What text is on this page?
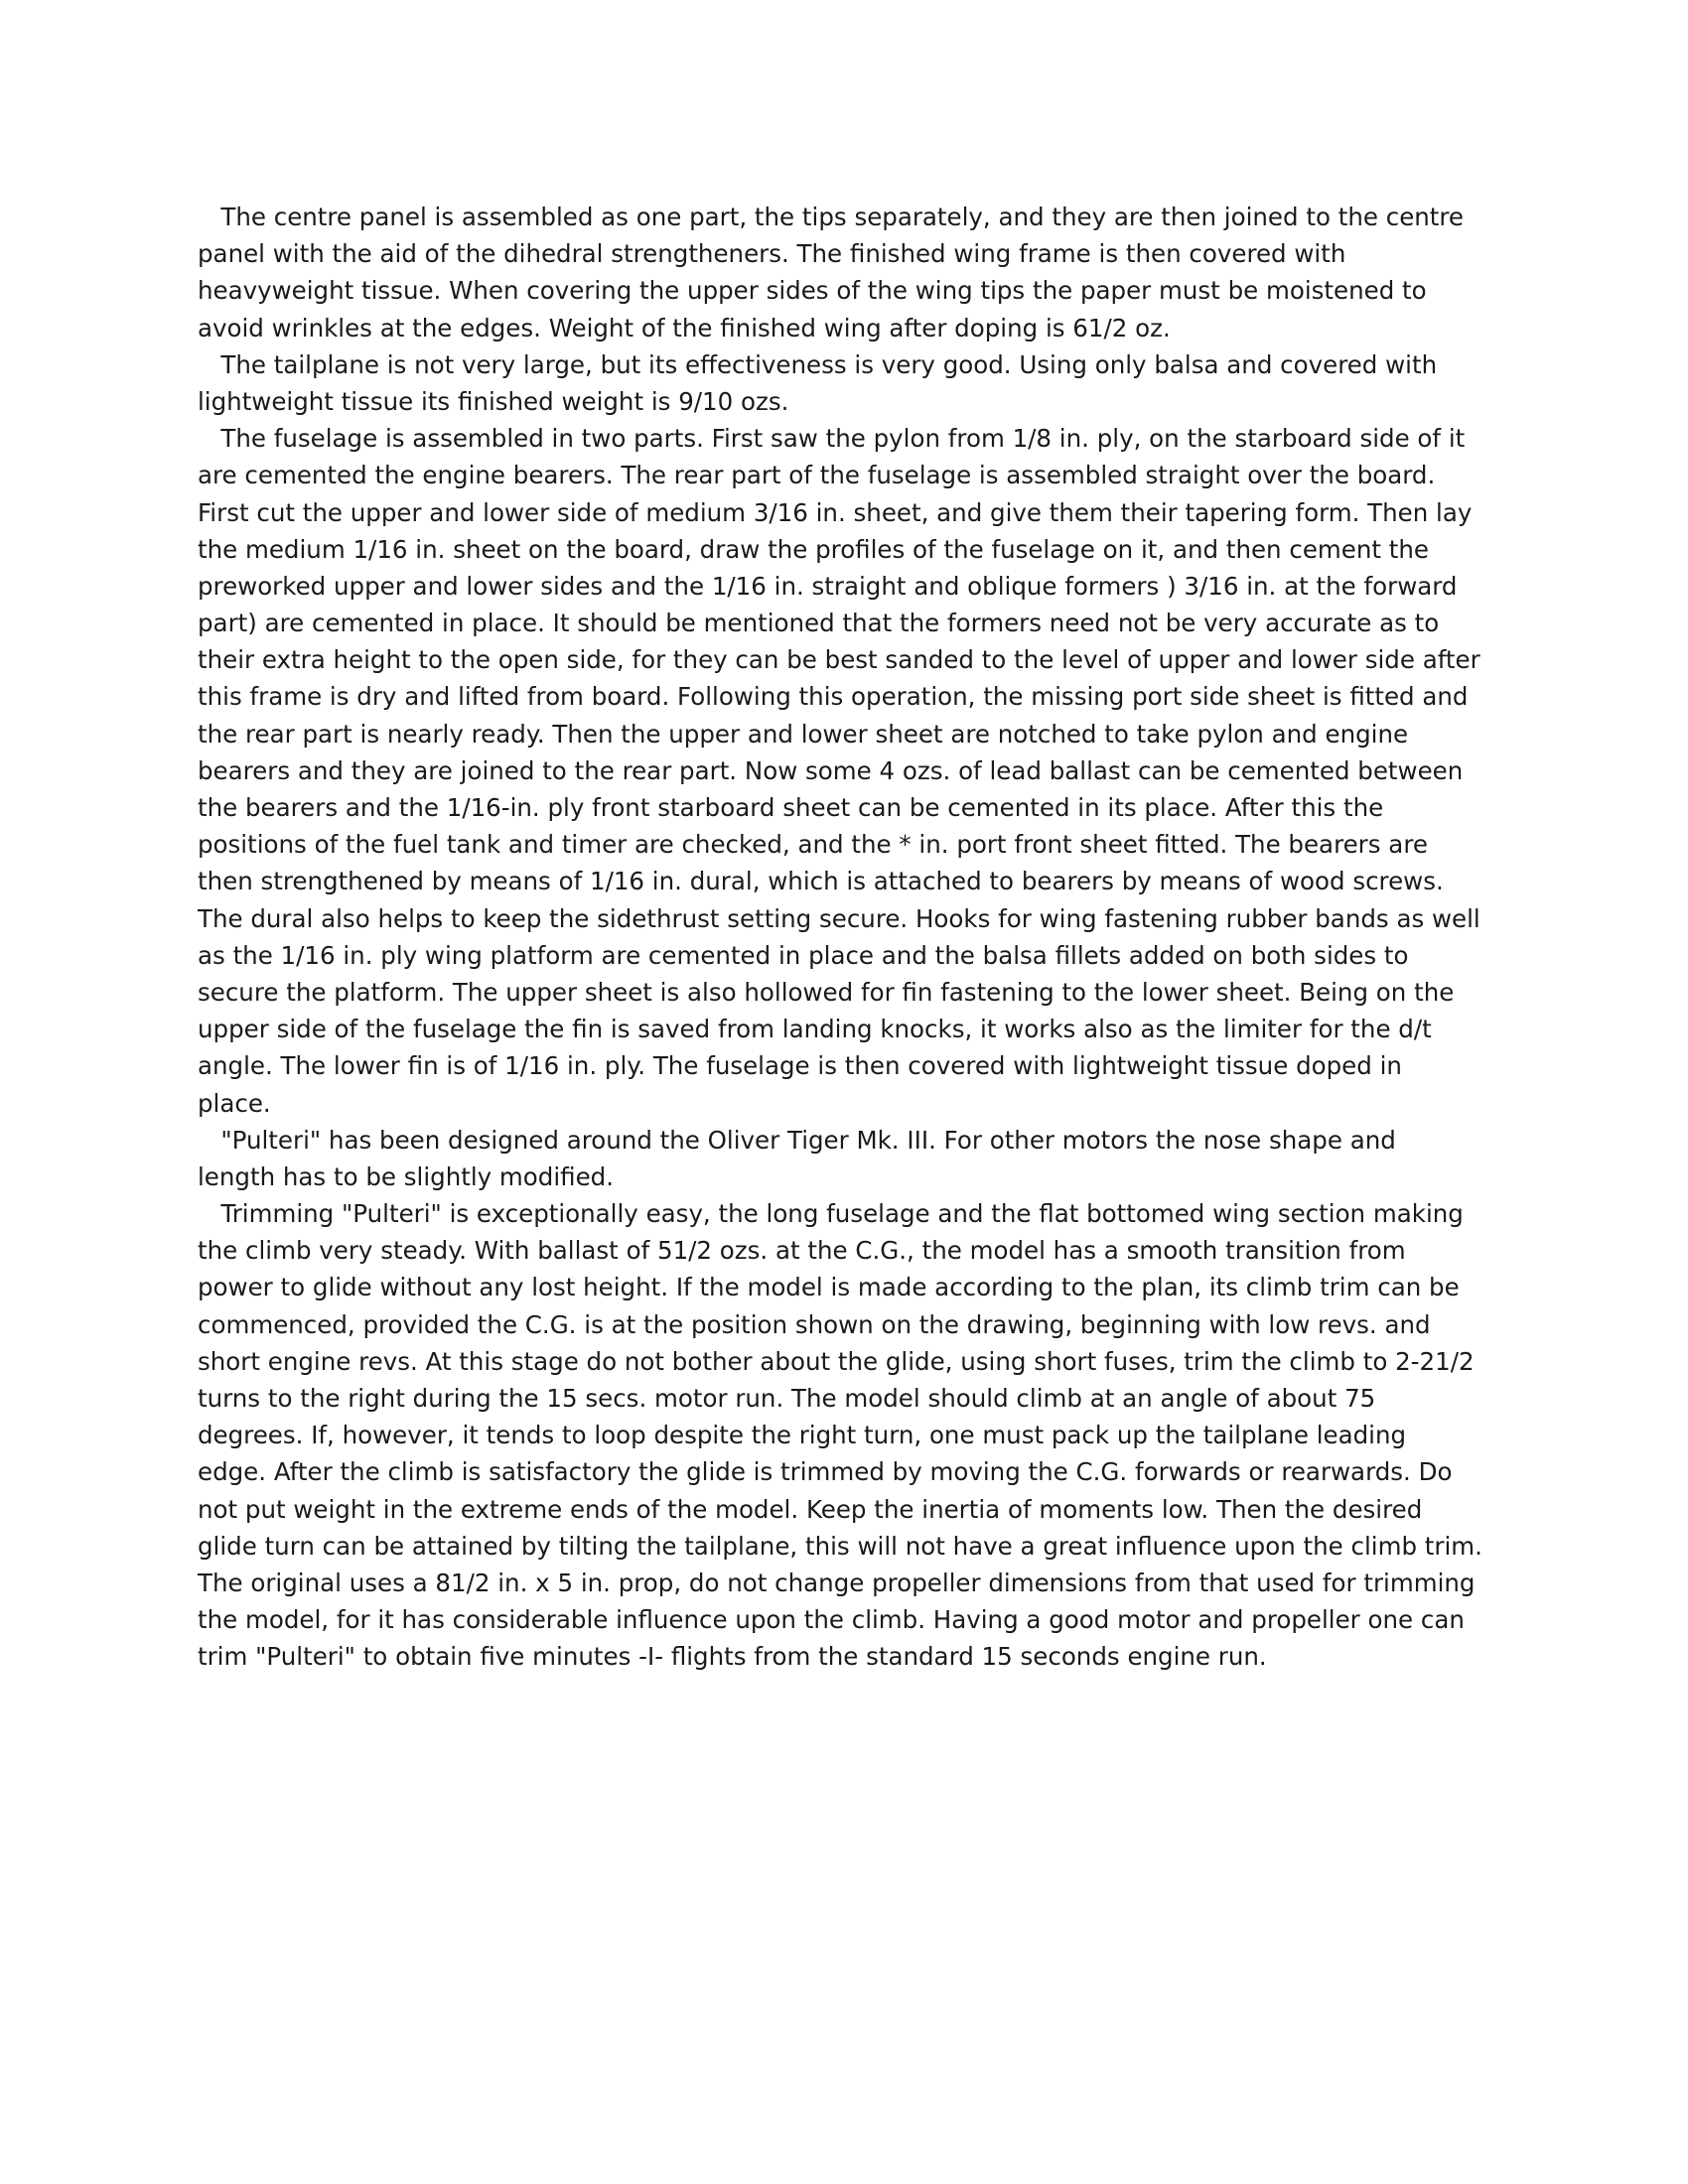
The centre panel is assembled as one part, the tips separately, and they are then joined to the centre
panel with the aid of the dihedral strengtheners. The finished wing frame is then covered with
heavyweight tissue. When covering the upper sides of the wing tips the paper must be moistened to
avoid wrinkles at the edges. Weight of the finished wing after doping is 61/2 oz.
The tailplane is not very large, but its effectiveness is very good. Using only balsa and covered with
lightweight tissue its finished weight is 9/10 ozs.
The fuselage is assembled in two parts. First saw the pylon from 1/8 in. ply, on the starboard side of it
are cemented the engine bearers. The rear part of the fuselage is assembled straight over the board.
First cut the upper and lower side of medium 3/16 in. sheet, and give them their tapering form. Then lay
the medium 1/16 in. sheet on the board, draw the profiles of the fuselage on it, and then cement the
preworked upper and lower sides and the 1/16 in. straight and oblique formers ) 3/16 in. at the forward
part) are cemented in place. It should be mentioned that the formers need not be very accurate as to
their extra height to the open side, for they can be best sanded to the level of upper and lower side after
this frame is dry and lifted from board. Following this operation, the missing port side sheet is fitted and
the rear part is nearly ready. Then the upper and lower sheet are notched to take pylon and engine
bearers and they are joined to the rear part. Now some 4 ozs. of lead ballast can be cemented between
the bearers and the 1/16-in. ply front starboard sheet can be cemented in its place. After this the
positions of the fuel tank and timer are checked, and the * in. port front sheet fitted. The bearers are
then strengthened by means of 1/16 in. dural, which is attached to bearers by means of wood screws.
The dural also helps to keep the sidethrust setting secure. Hooks for wing fastening rubber bands as well
as the 1/16 in. ply wing platform are cemented in place and the balsa fillets added on both sides to
secure the platform. The upper sheet is also hollowed for fin fastening to the lower sheet. Being on the
upper side of the fuselage the fin is saved from landing knocks, it works also as the limiter for the d/t
angle. The lower fin is of 1/16 in. ply. The fuselage is then covered with lightweight tissue doped in
place.
"Pulteri" has been designed around the Oliver Tiger Mk. III. For other motors the nose shape and
length has to be slightly modified.
Trimming "Pulteri" is exceptionally easy, the long fuselage and the flat bottomed wing section making
the climb very steady. With ballast of 51/2 ozs. at the C.G., the model has a smooth transition from
power to glide without any lost height. If the model is made according to the plan, its climb trim can be
commenced, provided the C.G. is at the position shown on the drawing, beginning with low revs. and
short engine revs. At this stage do not bother about the glide, using short fuses, trim the climb to 2-21/2
turns to the right during the 15 secs. motor run. The model should climb at an angle of about 75
degrees. If, however, it tends to loop despite the right turn, one must pack up the tailplane leading
edge. After the climb is satisfactory the glide is trimmed by moving the C.G. forwards or rearwards. Do
not put weight in the extreme ends of the model. Keep the inertia of moments low. Then the desired
glide turn can be attained by tilting the tailplane, this will not have a great influence upon the climb trim.
The original uses a 81/2 in. x 5 in. prop, do not change propeller dimensions from that used for trimming
the model, for it has considerable influence upon the climb. Having a good motor and propeller one can
trim "Pulteri" to obtain five minutes -I- flights from the standard 15 seconds engine run.
